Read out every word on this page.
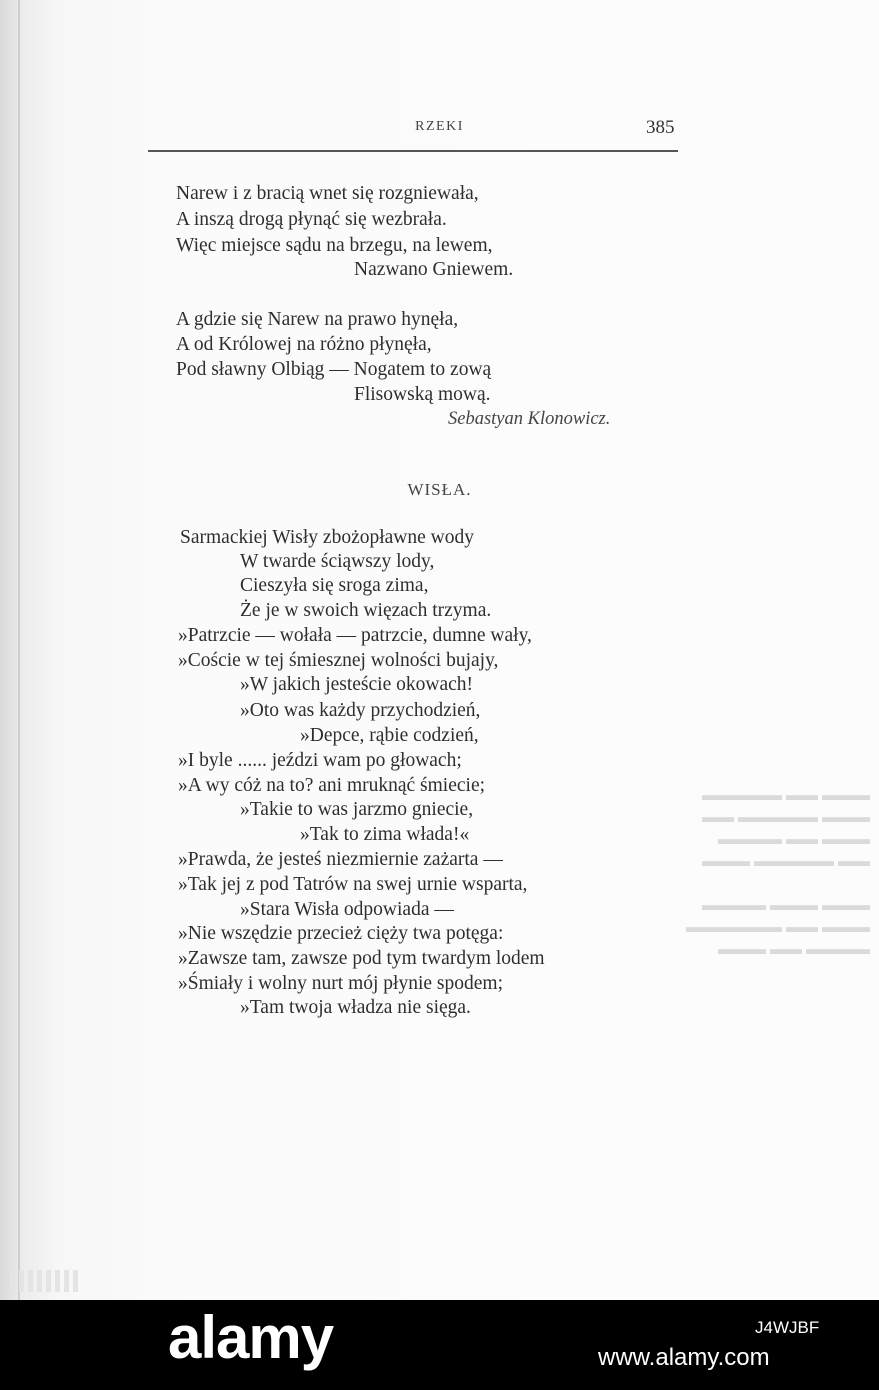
RZEKI	385
Narew i z bracią wnet się rozgniewała,
A inszą drogą płynąć się wezbrała.
Więc miejsce sądu na brzegu, na lewem,
Nazwano Gniewem.
A gdzie się Narew na prawo hynęła,
A od Królowej na różno płynęła,
Pod sławny Olbiąg — Nogatem to zową
Flisowską mową.
Sebastyan Klonowicz.
WISŁA.
Sarmackiej Wisły zbożopławne wody
W twarde ściąwszy lody,
Cieszyła się sroga zima,
Że je w swoich więzach trzyma.
»Patrzcie — wołała — patrzcie, dumne wały,
»Coście w tej śmiesznej wolności bujajy,
»W jakich jesteście okowach!
»Oto was każdy przychodzień,
»Depce, rąbie codzień,
»I byle ...... jeździ wam po głowach;
»A wy cóż na to? ani mruknąć śmiecie;
»Takie to was jarzmo gniecie,
»Tak to zima włada!«
»Prawda, że jesteś niezmiernie zażarta —
»Tak jej z pod Tatrów na swej urnie wsparta,
»Stara Wisła odpowiada —
»Nie wszędzie przecież cięży twa potęga:
»Zawsze tam, zawsze pod tym twardym lodem
»Śmiały i wolny nurt mój płynie spodem;
»Tam twoja władza nie sięga.
▬▬▬ ▬▬ ▬▬▬▬▬
▬▬▬ ▬▬▬▬▬ ▬▬
▬▬▬ ▬▬ ▬▬▬▬
▬▬ ▬▬▬▬▬ ▬▬▬

▬▬▬ ▬▬▬ ▬▬▬▬
▬▬▬ ▬▬ ▬▬▬▬▬▬
▬▬▬▬ ▬▬ ▬▬▬
alamy	J4WJBF
www.alamy.com
